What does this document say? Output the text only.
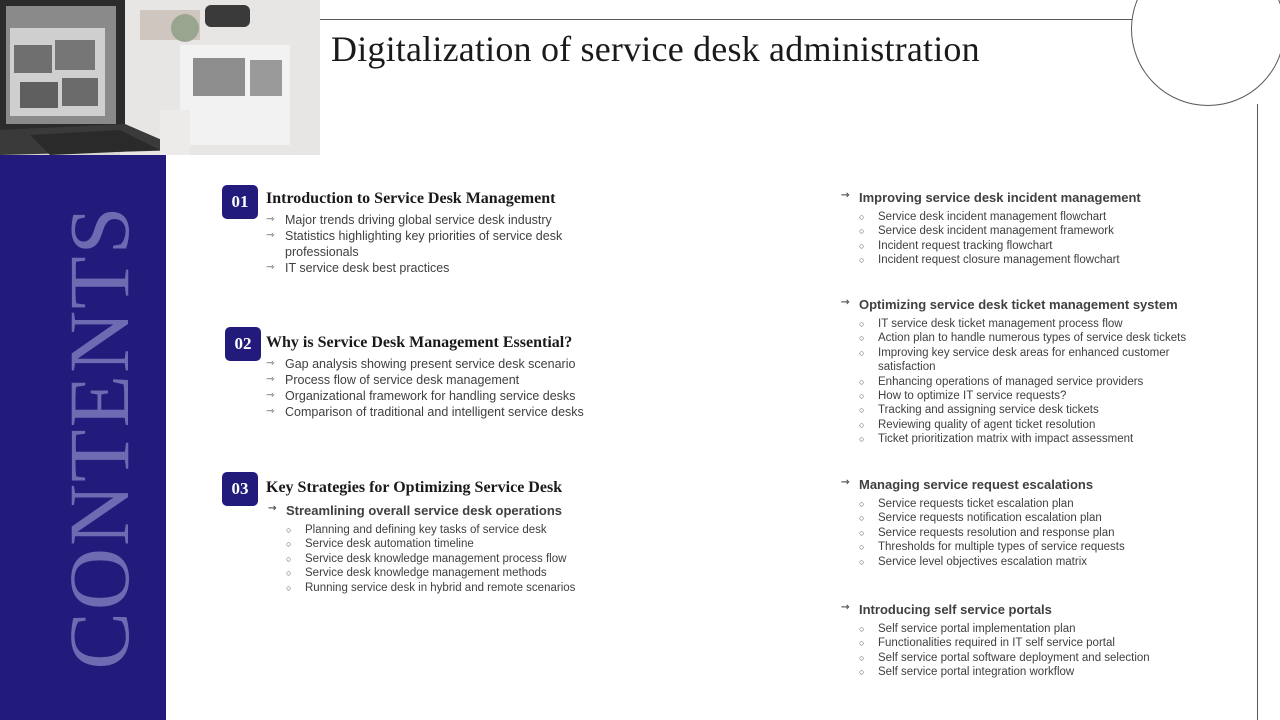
CONTENTS
Digitalization of service desk administration
01	Introduction to Service Desk Management
⇾ Major trends driving global service desk industry
⇾ Statistics highlighting key priorities of service desk professionals
⇾ IT service desk best practices
02 Why is Service Desk Management Essential?
⇾ Gap analysis showing present service desk scenario
⇾ Process flow of service desk management
⇾ Organizational framework for handling service desks
⇾ Comparison of traditional and intelligent service desks
03	Key Strategies for Optimizing Service Desk
⇾ Streamlining overall service desk operations
○ Planning and defining key tasks of service desk
○ Service desk automation timeline
○ Service desk knowledge management process flow
○ Service desk knowledge management methods
○ Running service desk in hybrid and remote scenarios
⇾ Improving service desk incident management
○ Service desk incident management flowchart
○ Service desk incident management framework
○ Incident request tracking flowchart
○ Incident request closure management flowchart
⇾ Optimizing service desk ticket management system
○ IT service desk ticket management process flow
○ Action plan to handle numerous types of service desk tickets
○ Improving key service desk areas for enhanced customer satisfaction
○ Enhancing operations of managed service providers
○ How to optimize IT service requests?
○ Tracking and assigning service desk tickets
○ Reviewing quality of agent ticket resolution
○ Ticket prioritization matrix with impact assessment
⇾ Managing service request escalations
○ Service requests ticket escalation plan
○ Service requests notification escalation plan
○ Service requests resolution and response plan
○ Thresholds for multiple types of service requests
○ Service level objectives escalation matrix
⇾ Introducing self service portals
○ Self service portal implementation plan
○ Functionalities required in IT self service portal
○ Self service portal software deployment and selection
○ Self service portal integration workflow
